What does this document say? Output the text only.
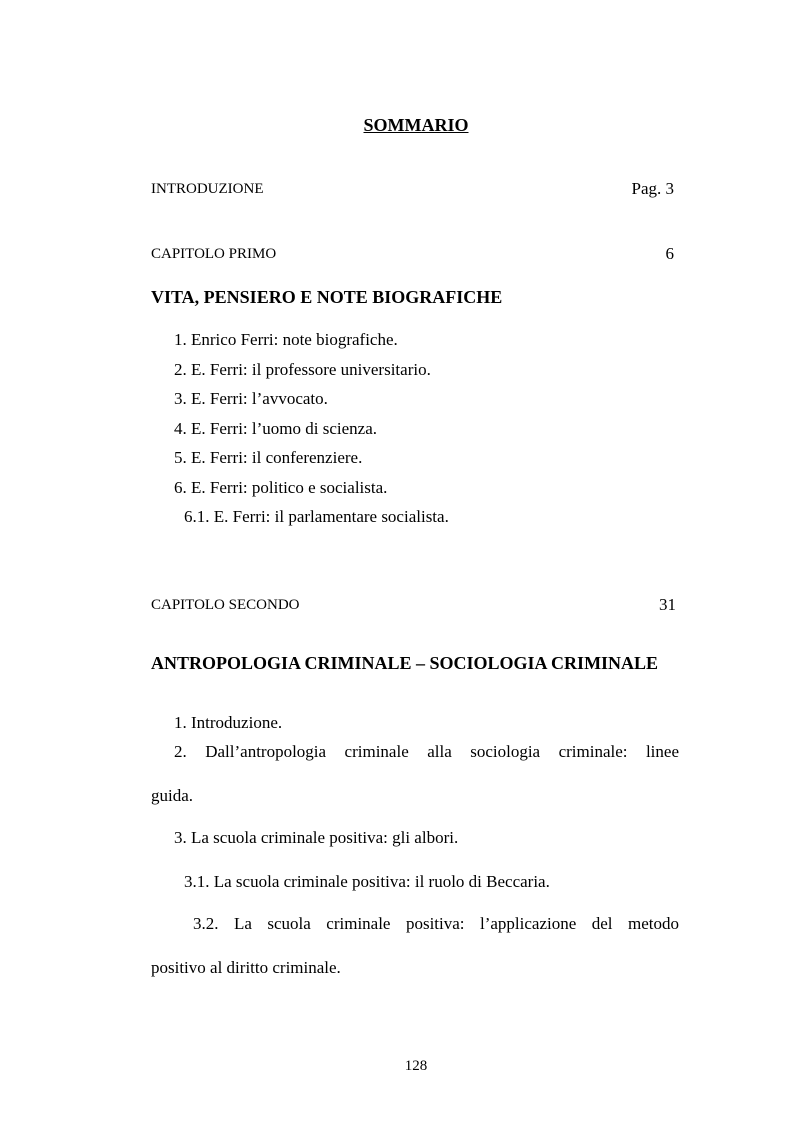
SOMMARIO
INTRODUZIONE	Pag. 3
CAPITOLO PRIMO	6
VITA, PENSIERO E NOTE BIOGRAFICHE
1. Enrico Ferri: note biografiche.
2. E. Ferri: il professore universitario.
3. E. Ferri: l’avvocato.
4. E. Ferri: l’uomo di scienza.
5. E. Ferri: il conferenziere.
6. E. Ferri: politico e socialista.
6.1. E. Ferri: il parlamentare socialista.
CAPITOLO SECONDO	31
ANTROPOLOGIA CRIMINALE – SOCIOLOGIA CRIMINALE
1. Introduzione.
2. Dall’antropologia criminale alla sociologia criminale: linee
guida.
3. La scuola criminale positiva: gli albori.
3.1. La scuola criminale positiva: il ruolo di Beccaria.
3.2. La scuola criminale positiva: l’applicazione del metodo
positivo al diritto criminale.
128
